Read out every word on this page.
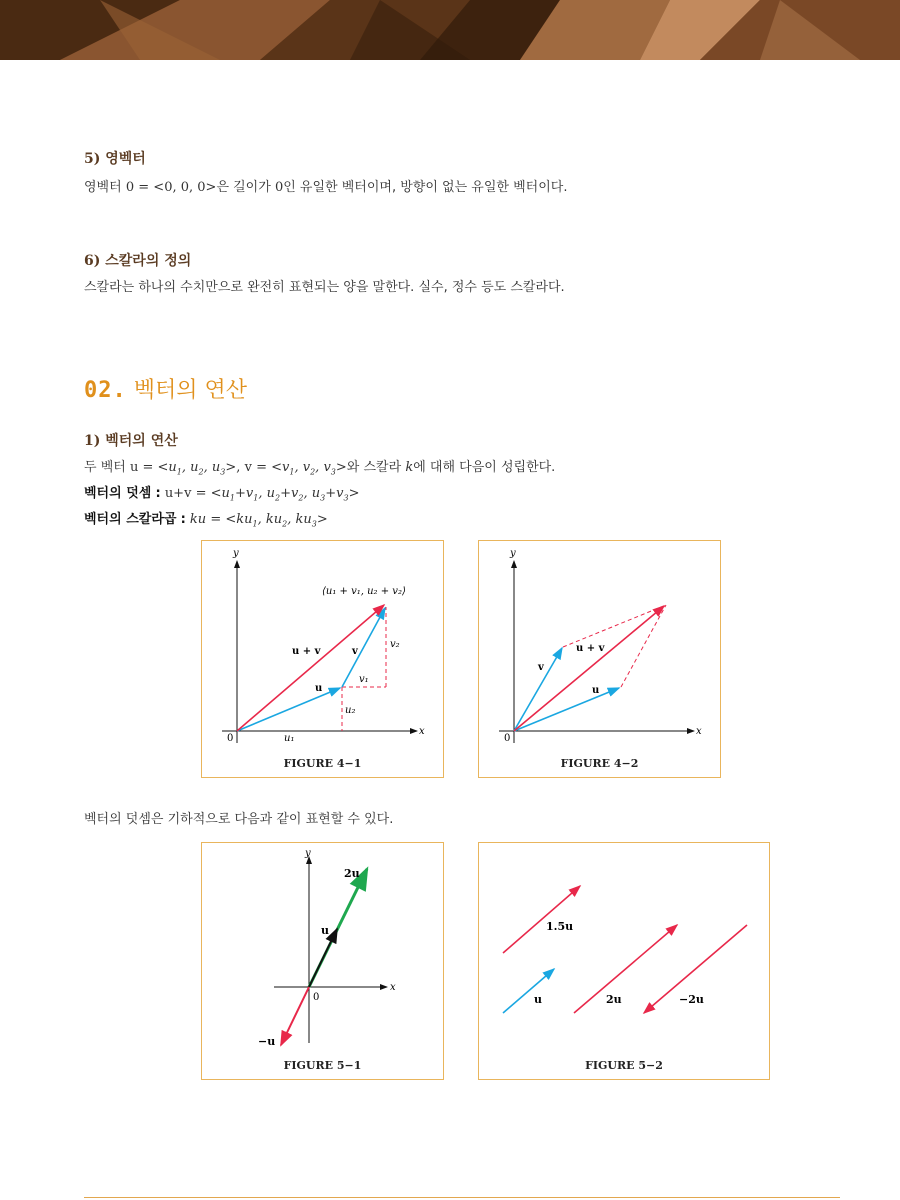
5) 영벡터
영벡터 0 = <0, 0, 0>은 길이가 0인 유일한 벡터이며, 방향이 없는 유일한 벡터이다.
6) 스칼라의 정의
스칼라는 하나의 수치만으로 완전히 표현되는 양을 말한다. 실수, 정수 등도 스칼라다.
02. 벡터의 연산
1) 벡터의 연산
두 벡터 $u = <u_1$, $u_2$, $u_3>$, $v = <v_1$, $v_2$, $v_3>$와 스칼라 k에 대해 다음이 성립한다.
벡터의 덧셈 : $u+v = <u_1+v_1$, $u_2+v_2$, $u_3+v_3>$
벡터의 스칼라곱 : ku = $<ku_1$, $ku_2$, $ku_3>$
y
x
0
⟨u₁ + v₁, u₂ + v₂⟩
u + v	v
u
v₂
v₁
u₂
u₁
FIGURE 4−1
y
x
0
u + v
v
u
FIGURE 4−2
벡터의 덧셈은 기하적으로 다음과 같이 표현할 수 있다.
y
x
0
2u
u
−u
FIGURE 5−1
1.5u
u	2u	−2u
FIGURE 5−2
